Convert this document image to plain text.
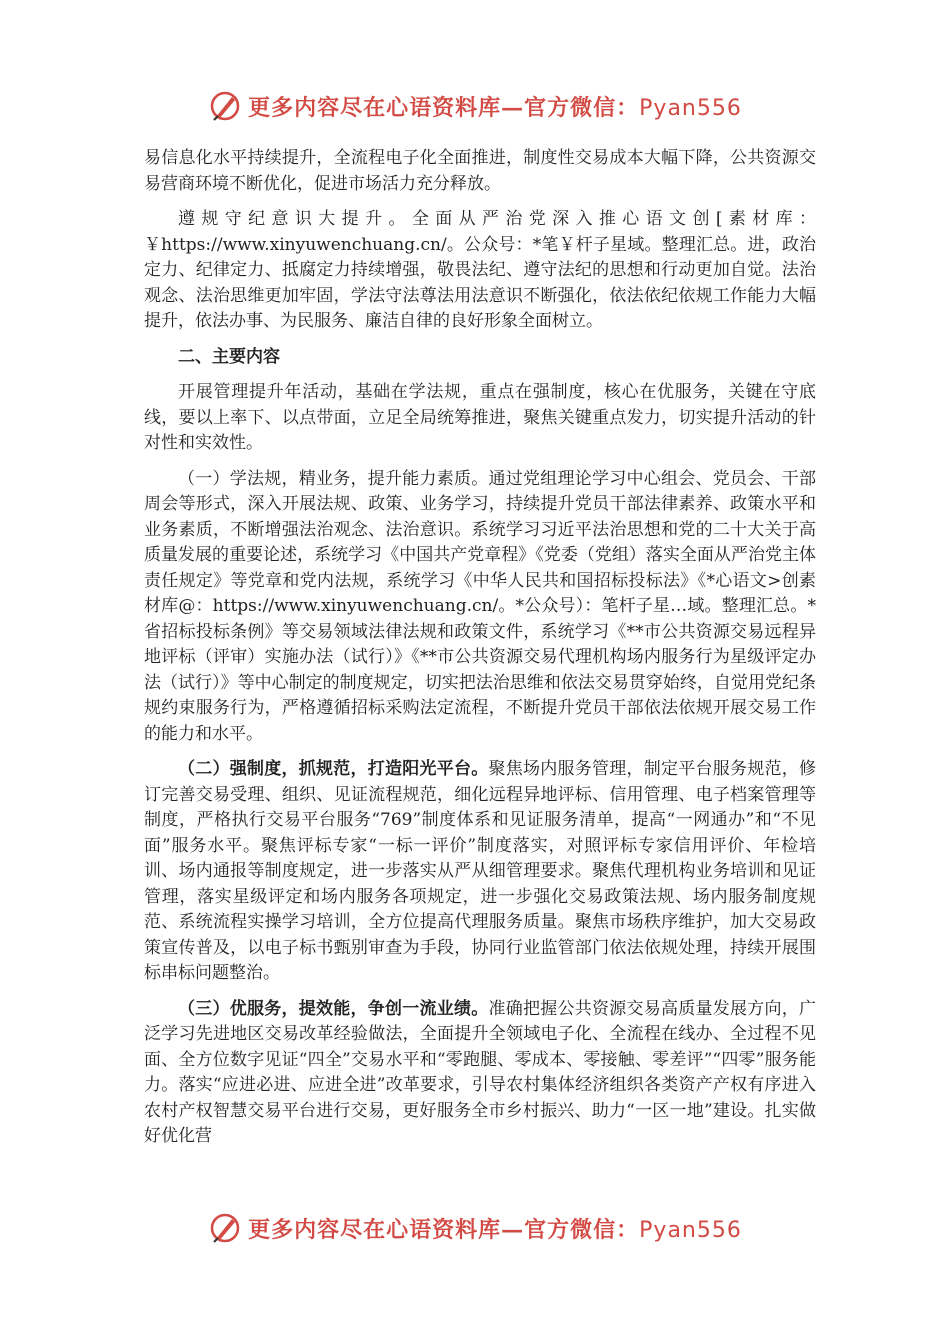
更多内容尽在心语资料库—官方微信：Pyan556

易信息化水平持续提升，全流程电子化全面推进，制度性交易成本大幅下降，公共资源交易营商环境不断优化，促进市场活力充分释放。

遵规守纪意识大提升。全面从严治党深入推心语文创[素材库：￥https://www.xinyuwenchuang.cn/。公众号：*笔￥杆子星域。整理汇总。进，政治定力、纪律定力、抵腐定力持续增强，敬畏法纪、遵守法纪的思想和行动更加自觉。法治观念、法治思维更加牢固，学法守法尊法用法意识不断强化，依法依纪依规工作能力大幅提升，依法办事、为民服务、廉洁自律的良好形象全面树立。

二、主要内容

开展管理提升年活动，基础在学法规，重点在强制度，核心在优服务，关键在守底线，要以上率下、以点带面，立足全局统筹推进，聚焦关键重点发力，切实提升活动的针对性和实效性。

（一）学法规，精业务，提升能力素质。通过党组理论学习中心组会、党员会、干部周会等形式，深入开展法规、政策、业务学习，持续提升党员干部法律素养、政策水平和业务素质，不断增强法治观念、法治意识。系统学习习近平法治思想和党的二十大关于高质量发展的重要论述，系统学习《中国共产党章程》《党委（党组）落实全面从严治党主体责任规定》等党章和党内法规，系统学习《中华人民共和国招标投标法》《*心语文>创素材库@：https://www.xinyuwenchuang.cn/。*公众号）：笔杆子星…域。整理汇总。*省招标投标条例》等交易领域法律法规和政策文件，系统学习《**市公共资源交易远程异地评标（评审）实施办法（试行）》《**市公共资源交易代理机构场内服务行为星级评定办法（试行）》等中心制定的制度规定，切实把法治思维和依法交易贯穿始终，自觉用党纪条规约束服务行为，严格遵循招标采购法定流程，不断提升党员干部依法依规开展交易工作的能力和水平。

（二）强制度，抓规范，打造阳光平台。聚焦场内服务管理，制定平台服务规范，修订完善交易受理、组织、见证流程规范，细化远程异地评标、信用管理、电子档案管理等制度，严格执行交易平台服务“769”制度体系和见证服务清单，提高“一网通办”和“不见面”服务水平。聚焦评标专家“一标一评价”制度落实，对照评标专家信用评价、年检培训、场内通报等制度规定，进一步落实从严从细管理要求。聚焦代理机构业务培训和见证管理，落实星级评定和场内服务各项规定，进一步强化交易政策法规、场内服务制度规范、系统流程实操学习培训，全方位提高代理服务质量。聚焦市场秩序维护，加大交易政策宣传普及，以电子标书甄别审查为手段，协同行业监管部门依法依规处理，持续开展围标串标问题整治。

（三）优服务，提效能，争创一流业绩。准确把握公共资源交易高质量发展方向，广泛学习先进地区交易改革经验做法，全面提升全领域电子化、全流程在线办、全过程不见面、全方位数字见证“四全”交易水平和“零跑腿、零成本、零接触、零差评”“四零”服务能力。落实“应进必进、应进全进”改革要求，引导农村集体经济组织各类资产产权有序进入农村产权智慧交易平台进行交易，更好服务全市乡村振兴、助力“一区一地”建设。扎实做好优化营

更多内容尽在心语资料库—官方微信：Pyan556
